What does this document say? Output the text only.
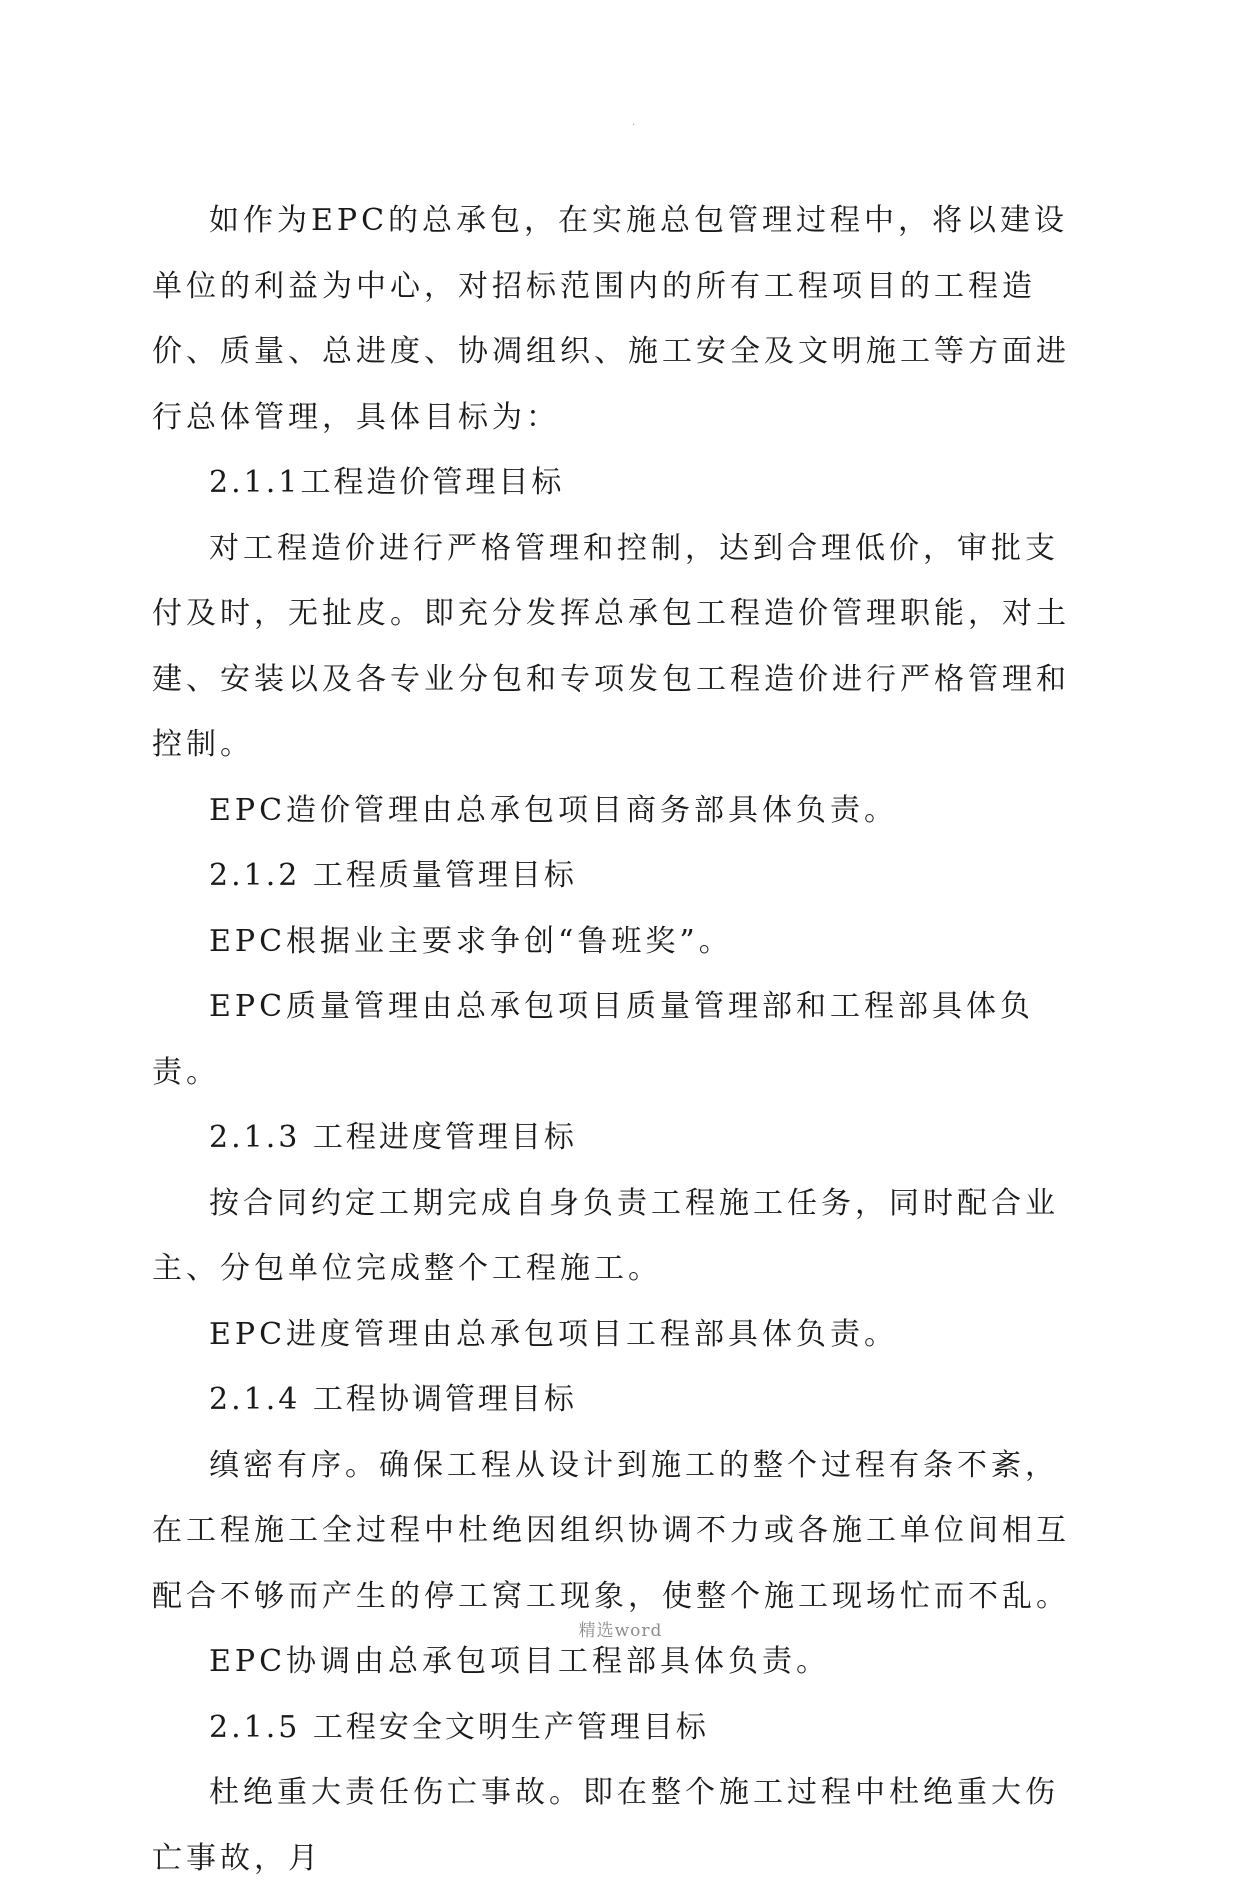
.

如作为EPC的总承包，在实施总包管理过程中，将以建设单位的利益为中心，对招标范围内的所有工程项目的工程造价、质量、总进度、协凋组织、施工安全及文明施工等方面进行总体管理，具体目标为：

2.1.1工程造价管理目标

对工程造价进行严格管理和控制，达到合理低价，审批支付及时，无扯皮。即充分发挥总承包工程造价管理职能，对土建、安装以及各专业分包和专项发包工程造价进行严格管理和控制。

EPC造价管理由总承包项目商务部具体负责。

2.1.2 工程质量管理目标

EPC根据业主要求争创“鲁班奖”。

EPC质量管理由总承包项目质量管理部和工程部具体负责。

2.1.3 工程进度管理目标

按合同约定工期完成自身负责工程施工任务，同时配合业主、分包单位完成整个工程施工。

EPC进度管理由总承包项目工程部具体负责。

2.1.4 工程协调管理目标

缜密有序。确保工程从设计到施工的整个过程有条不紊，在工程施工全过程中杜绝因组织协调不力或各施工单位间相互配合不够而产生的停工窝工现象，使整个施工现场忙而不乱。

EPC协调由总承包项目工程部具体负责。

2.1.5 工程安全文明生产管理目标

杜绝重大责任伤亡事故。即在整个施工过程中杜绝重大伤亡事故，月

精选word
